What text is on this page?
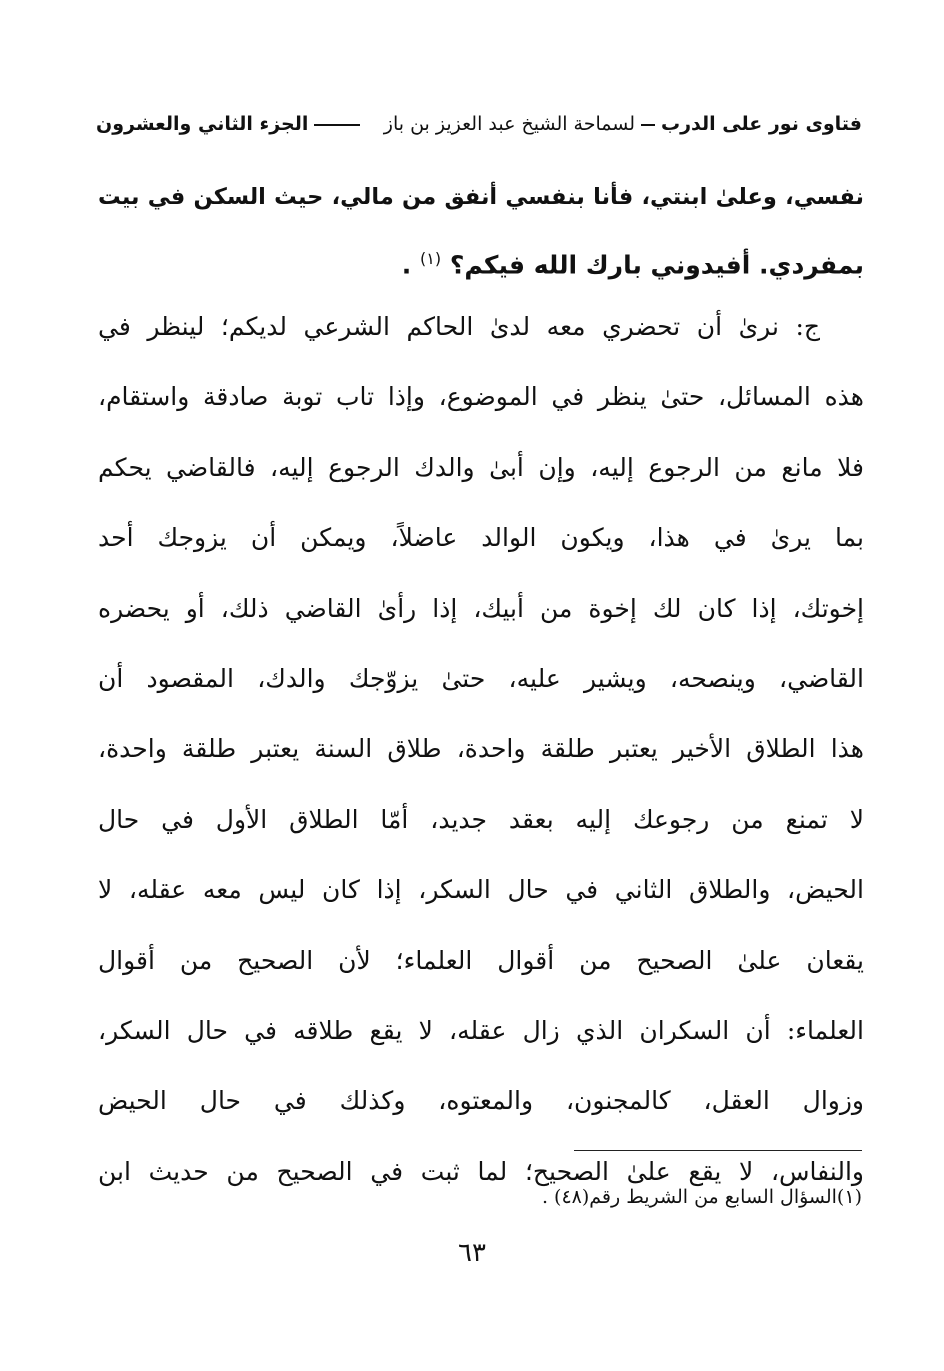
فتاوى نور على الدربلسماحة الشيخ عبد العزيز بن باز
الجزء الثاني والعشرون
نفسي، وعلىٰ ابنتي، فأنا بنفسي أنفق من مالي، حيث السكن في بيت
بمفردي. أفيدوني بارك الله فيكم؟ $^{(١)}$ .
ج: نرىٰ أن تحضري معه لدىٰ الحاكم الشرعي لديكم؛ لينظر في
هذه المسائل، حتىٰ ينظر في الموضوع، وإذا تاب توبة صادقة واستقام،
فلا مانع من الرجوع إليه، وإن أبىٰ والدك الرجوع إليه، فالقاضي يحكم
بما يرىٰ في هذا، ويكون الوالد عاضلاً، ويمكن أن يزوجك أحد
إخوتك، إذا كان لك إخوة من أبيك، إذا رأىٰ القاضي ذلك، أو يحضره
القاضي، وينصحه، ويشير عليه، حتىٰ يزوّجك والدك، المقصود أن
هذا الطلاق الأخير يعتبر طلقة واحدة، طلاق السنة يعتبر طلقة واحدة،
لا تمنع من رجوعك إليه بعقد جديد، أمّا الطلاق الأول في حال
الحيض، والطلاق الثاني في حال السكر، إذا كان ليس معه عقله، لا
يقعان علىٰ الصحيح من أقوال العلماء؛ لأن الصحيح من أقوال
العلماء: أن السكران الذي زال عقله، لا يقع طلاقه في حال السكر،
وزوال العقل، كالمجنون، والمعتوه، وكذلك في حال الحيض
والنفاس، لا يقع علىٰ الصحيح؛ لما ثبت في الصحيح من حديث ابن
(١)السؤال السابع من الشريط رقم(٤٨) .
٦٣
